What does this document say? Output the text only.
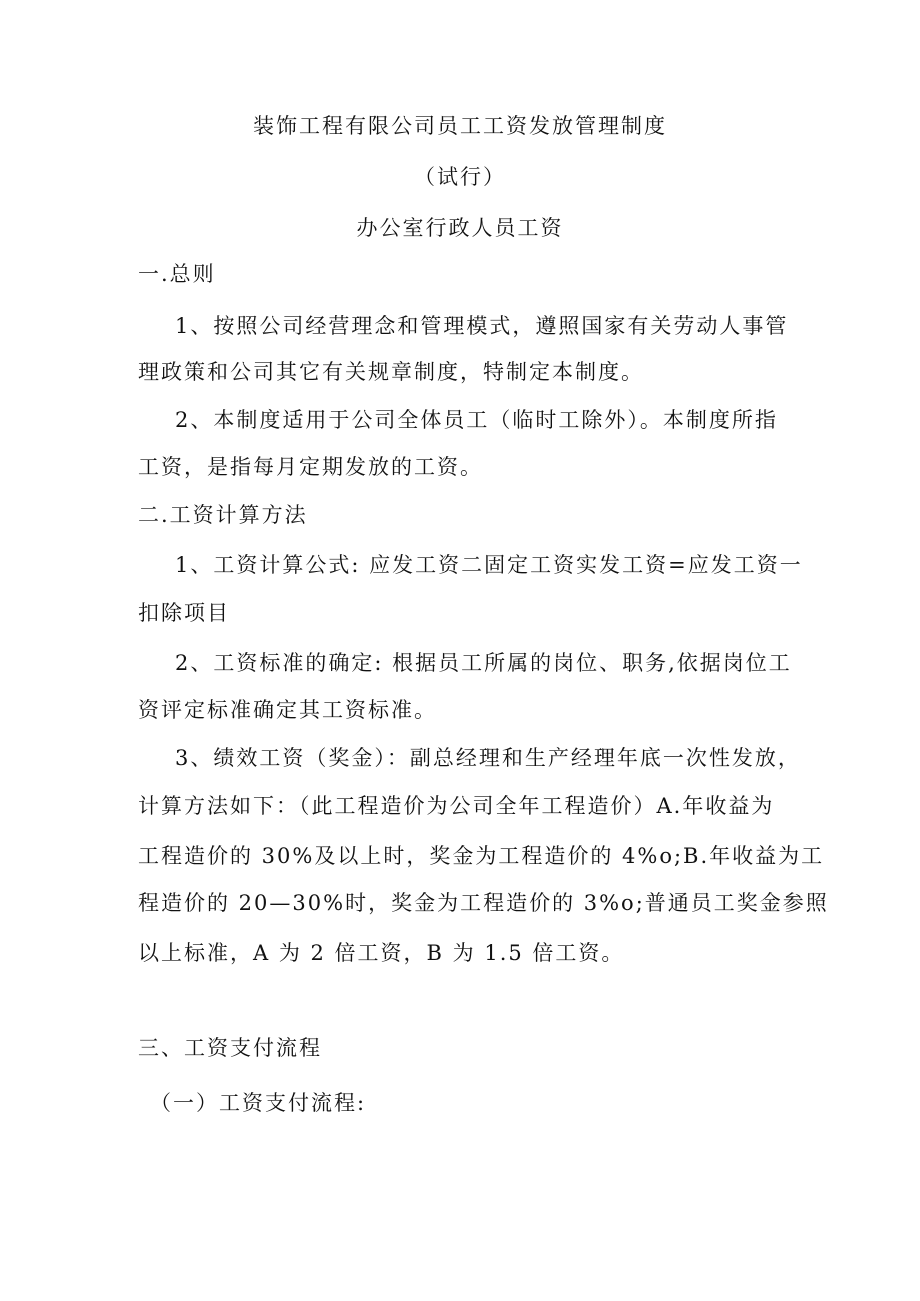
装饰工程有限公司员工工资发放管理制度
（试行）
办公室行政人员工资
一.总则
1、按照公司经营理念和管理模式，遵照国家有关劳动人事管
理政策和公司其它有关规章制度，特制定本制度。
2、本制度适用于公司全体员工（临时工除外）。本制度所指
工资，是指每月定期发放的工资。
二.工资计算方法
1、工资计算公式: 应发工资二固定工资实发工资=应发工资一
扣除项目
2、工资标准的确定: 根据员工所属的岗位、职务,依据岗位工
资评定标准确定其工资标准。
3、绩效工资（奖金）：副总经理和生产经理年底一次性发放，
计算方法如下：（此工程造价为公司全年工程造价）A.年收益为
工程造价的 30%及以上时，奖金为工程造价的 4%o;B.年收益为工
程造价的 20—30%时，奖金为工程造价的 3%o;普通员工奖金参照
以上标准，A 为 2 倍工资，B 为 1.5 倍工资。
三、工资支付流程
（一）工资支付流程:
